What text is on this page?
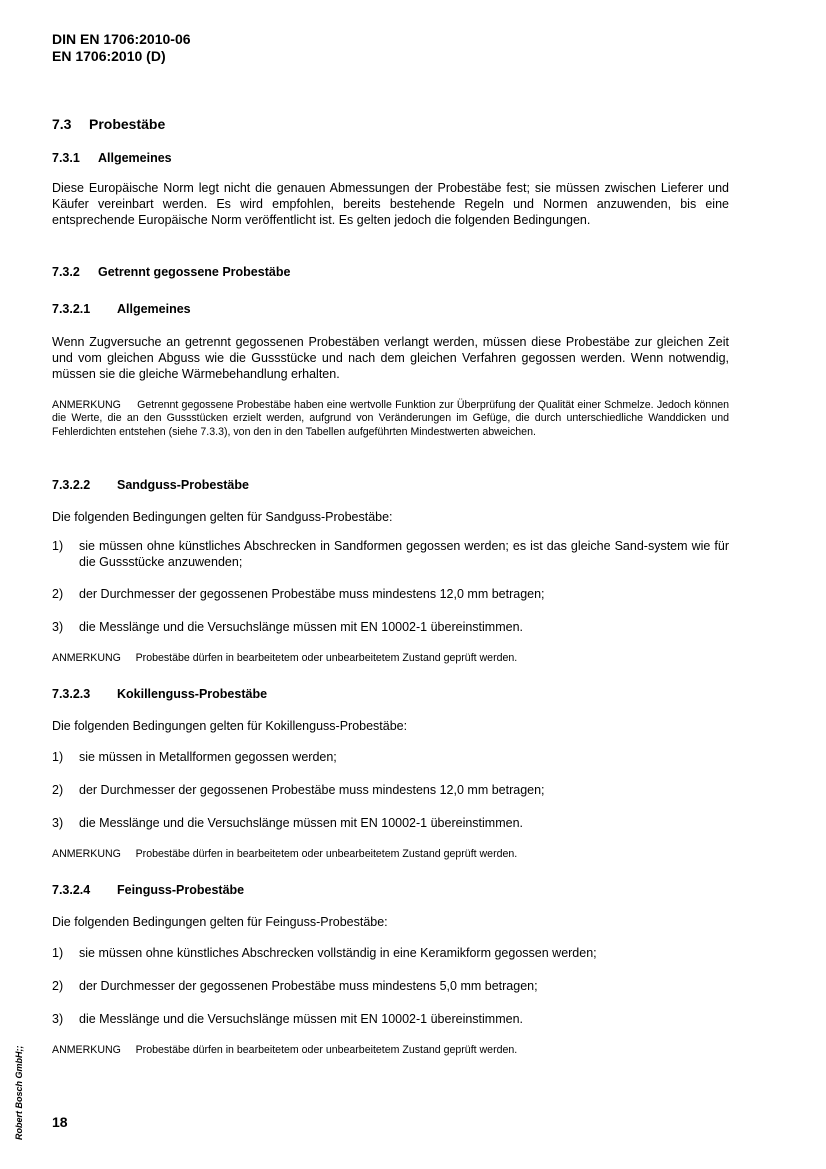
DIN EN 1706:2010-06
EN 1706:2010 (D)
7.3 Probestäbe
7.3.1 Allgemeines
Diese Europäische Norm legt nicht die genauen Abmessungen der Probestäbe fest; sie müssen zwischen Lieferer und Käufer vereinbart werden. Es wird empfohlen, bereits bestehende Regeln und Normen anzuwenden, bis eine entsprechende Europäische Norm veröffentlicht ist. Es gelten jedoch die folgenden Bedingungen.
7.3.2 Getrennt gegossene Probestäbe
7.3.2.1 Allgemeines
Wenn Zugversuche an getrennt gegossenen Probestäben verlangt werden, müssen diese Probestäbe zur gleichen Zeit und vom gleichen Abguss wie die Gussstücke und nach dem gleichen Verfahren gegossen werden. Wenn notwendig, müssen sie die gleiche Wärmebehandlung erhalten.
ANMERKUNG Getrennt gegossene Probestäbe haben eine wertvolle Funktion zur Überprüfung der Qualität einer Schmelze. Jedoch können die Werte, die an den Gussstücken erzielt werden, aufgrund von Veränderungen im Gefüge, die durch unterschiedliche Wanddicken und Fehlerdichten entstehen (siehe 7.3.3), von den in den Tabellen aufgeführten Mindestwerten abweichen.
7.3.2.2 Sandguss-Probestäbe
Die folgenden Bedingungen gelten für Sandguss-Probestäbe:
1) sie müssen ohne künstliches Abschrecken in Sandformen gegossen werden; es ist das gleiche Sand-system wie für die Gussstücke anzuwenden;
2) der Durchmesser der gegossenen Probestäbe muss mindestens 12,0 mm betragen;
3) die Messlänge und die Versuchslänge müssen mit EN 10002-1 übereinstimmen.
ANMERKUNG Probestäbe dürfen in bearbeitetem oder unbearbeitetem Zustand geprüft werden.
7.3.2.3 Kokillenguss-Probestäbe
Die folgenden Bedingungen gelten für Kokillenguss-Probestäbe:
1) sie müssen in Metallformen gegossen werden;
2) der Durchmesser der gegossenen Probestäbe muss mindestens 12,0 mm betragen;
3) die Messlänge und die Versuchslänge müssen mit EN 10002-1 übereinstimmen.
ANMERKUNG Probestäbe dürfen in bearbeitetem oder unbearbeitetem Zustand geprüft werden.
7.3.2.4 Feinguss-Probestäbe
Die folgenden Bedingungen gelten für Feinguss-Probestäbe:
1) sie müssen ohne künstliches Abschrecken vollständig in eine Keramikform gegossen werden;
2) der Durchmesser der gegossenen Probestäbe muss mindestens 5,0 mm betragen;
3) die Messlänge und die Versuchslänge müssen mit EN 10002-1 übereinstimmen.
ANMERKUNG Probestäbe dürfen in bearbeitetem oder unbearbeitetem Zustand geprüft werden.
Robert Bosch GmbH;; 18
